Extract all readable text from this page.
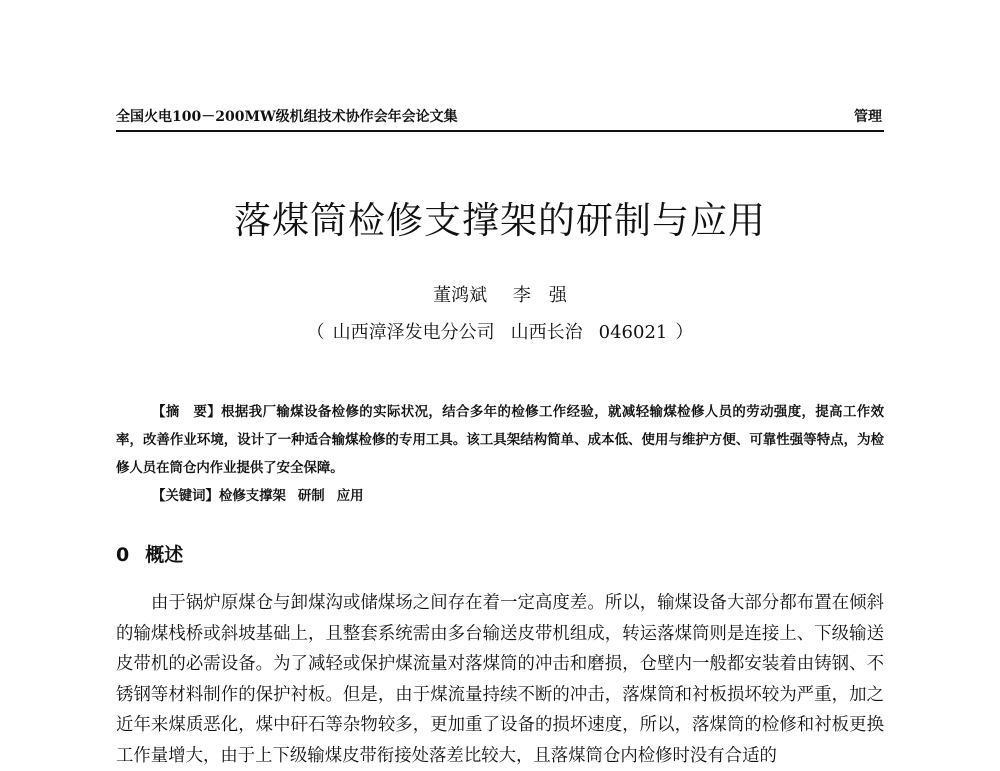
全国火电100－200MW级机组技术协作会年会论文集	管理
落煤筒检修支撑架的研制与应用
董鸿斌 李　强
（ 山西漳泽发电分公司 山西长治 046021 ）
【摘　要】根据我厂输煤设备检修的实际状况，结合多年的检修工作经验，就减轻输煤检修人员的劳动强度，提高工作效率，改善作业环境，设计了一种适合输煤检修的专用工具。该工具架结构简单、成本低、使用与维护方便、可靠性强等特点，为检修人员在筒仓内作业提供了安全保障。
【关键词】检修支撑架 研制 应用
0 概述
由于锅炉原煤仓与卸煤沟或储煤场之间存在着一定高度差。所以，输煤设备大部分都布置在倾斜的输煤栈桥或斜坡基础上，且整套系统需由多台输送皮带机组成，转运落煤筒则是连接上、下级输送皮带机的必需设备。为了减轻或保护煤流量对落煤筒的冲击和磨损，仓壁内一般都安装着由铸钢、不锈钢等材料制作的保护衬板。但是，由于煤流量持续不断的冲击，落煤筒和衬板损坏较为严重，加之近年来煤质恶化，煤中矸石等杂物较多，更加重了设备的损坏速度，所以，落煤筒的检修和衬板更换工作量增大，由于上下级输煤皮带衔接处落差比较大，且落煤筒仓内检修时没有合适的
